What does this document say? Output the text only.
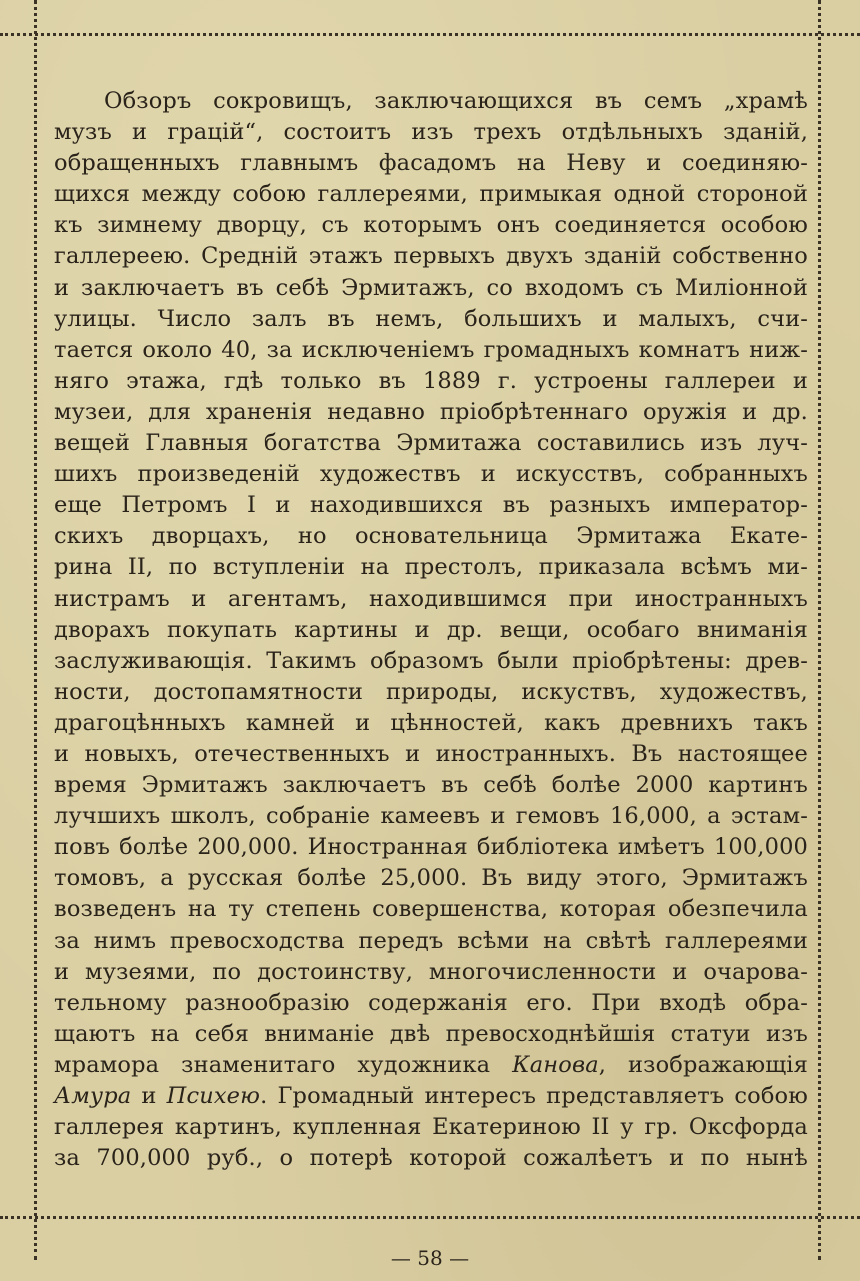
Обзоръ сокровищъ, заключающихся въ семъ „храмѣ
музъ и грацій“, состоитъ изъ трехъ отдѣльныхъ зданій,
обращенныхъ главнымъ фасадомъ на Неву и соединяю-
щихся между собою галлереями, примыкая одной стороной
къ зимнему дворцу, съ которымъ онъ соединяется особою
галлереею. Средній этажъ первыхъ двухъ зданій собственно
и заключаетъ въ себѣ Эрмитажъ, со входомъ съ Миліонной
улицы. Число залъ въ немъ, большихъ и малыхъ, счи-
тается около 40, за исключеніемъ громадныхъ комнатъ ниж-
няго этажа, гдѣ только въ 1889 г. устроены галлереи и
музеи, для храненія недавно пріобрѣтеннаго оружія и др.
вещей Главныя богатства Эрмитажа составились изъ луч-
шихъ произведеній художествъ и искусствъ, собранныхъ
еще Петромъ I и находившихся въ разныхъ император-
скихъ дворцахъ, но основательница Эрмитажа Екате-
рина II, по вступленіи на престолъ, приказала всѣмъ ми-
нистрамъ и агентамъ, находившимся при иностранныхъ
дворахъ покупать картины и др. вещи, особаго вниманія
заслуживающія. Такимъ образомъ были пріобрѣтены: древ-
ности, достопамятности природы, искуствъ, художествъ,
драгоцѣнныхъ камней и цѣнностей, какъ древнихъ такъ
и новыхъ, отечественныхъ и иностранныхъ. Въ настоящее
время Эрмитажъ заключаетъ въ себѣ болѣе 2000 картинъ
лучшихъ школъ, собраніе камеевъ и гемовъ 16,000, а эстам-
повъ болѣе 200,000. Иностранная библіотека имѣетъ 100,000
томовъ, а русская болѣе 25,000. Въ виду этого, Эрмитажъ
возведенъ на ту степень совершенства, которая обезпечила
за нимъ превосходства передъ всѣми на свѣтѣ галлереями
и музеями, по достоинству, многочисленности и очарова-
тельному разнообразію содержанія его. При входѣ обра-
щаютъ на себя вниманіе двѣ превосходнѣйшія статуи изъ
мрамора знаменитаго художника Канова, изображающія
Амура и Психею. Громадный интересъ представляетъ собою
галлерея картинъ, купленная Екатериною II у гр. Оксфорда
за 700,000 руб., о потерѣ которой сожалѣетъ и по нынѣ
— 58 —
